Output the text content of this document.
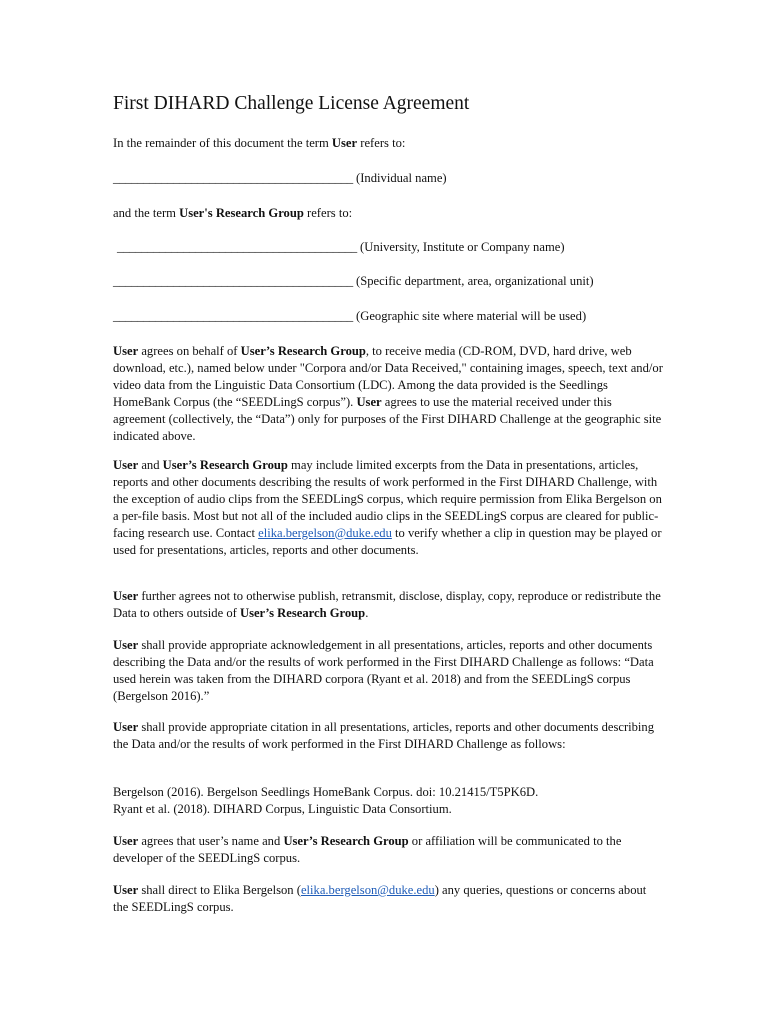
First DIHARD Challenge License Agreement

In the remainder of this document the term User refers to:

________________________________________ (Individual name)

and the term User's Research Group refers to:

________________________________________ (University, Institute or Company name)

________________________________________ (Specific department, area, organizational unit)

________________________________________ (Geographic site where material will be used)

User agrees on behalf of User’s Research Group, to receive media (CD-ROM, DVD, hard drive, web download, etc.), named below under "Corpora and/or Data Received," containing images, speech, text and/or video data from the Linguistic Data Consortium (LDC). Among the data provided is the Seedlings HomeBank Corpus (the “SEEDLingS corpus”). User agrees to use the material received under this agreement (collectively, the “Data”) only for purposes of the First DIHARD Challenge at the geographic site indicated above.

User and User’s Research Group may include limited excerpts from the Data in presentations, articles, reports and other documents describing the results of work performed in the First DIHARD Challenge, with the exception of audio clips from the SEEDLingS corpus, which require permission from Elika Bergelson on a per-file basis. Most but not all of the included audio clips in the SEEDLingS corpus are cleared for public-facing research use. Contact elika.bergelson@duke.edu to verify whether a clip in question may be played or used for presentations, articles, reports and other documents.

User further agrees not to otherwise publish, retransmit, disclose, display, copy, reproduce or redistribute the Data to others outside of User’s Research Group.

User shall provide appropriate acknowledgement in all presentations, articles, reports and other documents describing the Data and/or the results of work performed in the First DIHARD Challenge as follows: “Data used herein was taken from the DIHARD corpora (Ryant et al. 2018) and from the SEEDLingS corpus (Bergelson 2016).”

User shall provide appropriate citation in all presentations, articles, reports and other documents describing the Data and/or the results of work performed in the First DIHARD Challenge as follows:

Bergelson (2016). Bergelson Seedlings HomeBank Corpus. doi: 10.21415/T5PK6D.
Ryant et al. (2018). DIHARD Corpus, Linguistic Data Consortium.

User agrees that user’s name and User’s Research Group or affiliation will be communicated to the developer of the SEEDLingS corpus.

User shall direct to Elika Bergelson (elika.bergelson@duke.edu) any queries, questions or concerns about the SEEDLingS corpus.
